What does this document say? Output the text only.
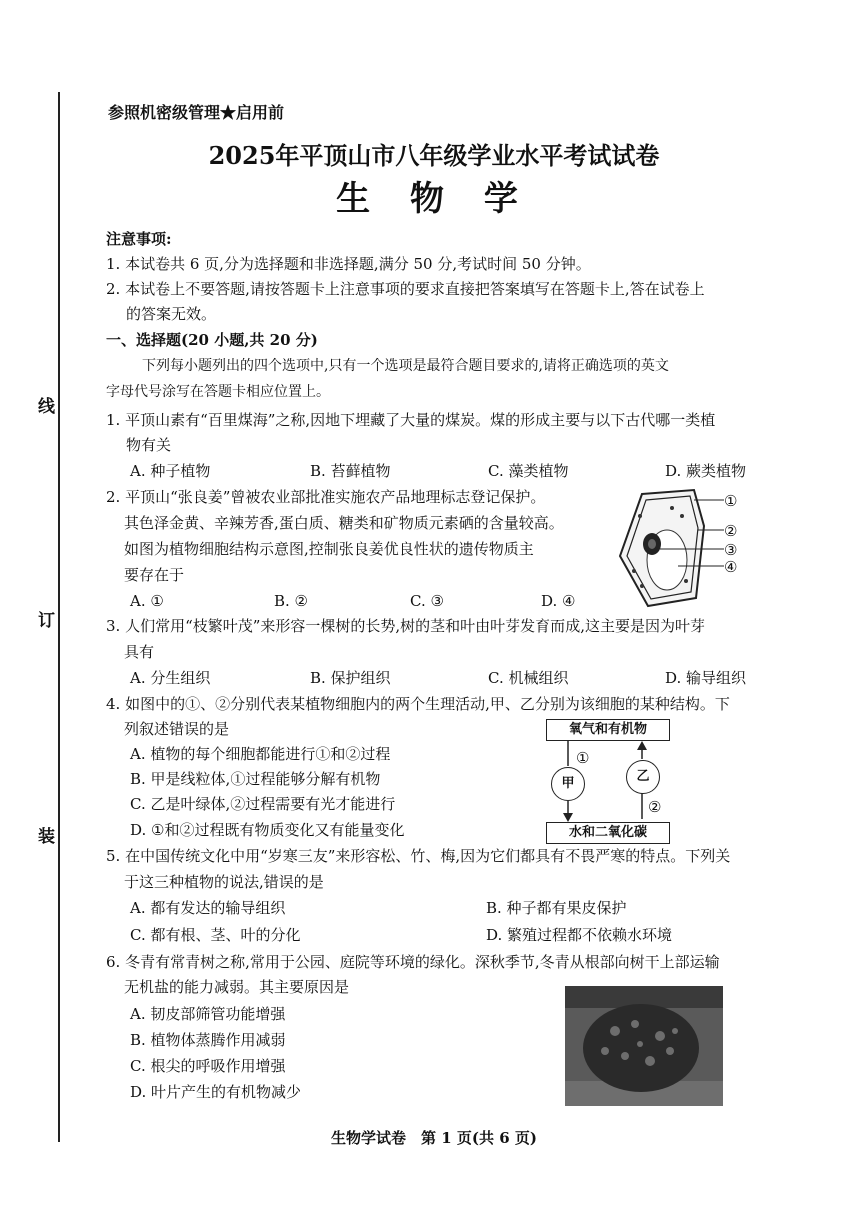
线
订
装
参照机密级管理★启用前
2025年平顶山市八年级学业水平考试试卷
生 物 学
注意事项:
1. 本试卷共 6 页,分为选择题和非选择题,满分 50 分,考试时间 50 分钟。
2. 本试卷上不要答题,请按答题卡上注意事项的要求直接把答案填写在答题卡上,答在试卷上
的答案无效。
一、选择题(20 小题,共 20 分)
下列每小题列出的四个选项中,只有一个选项是最符合题目要求的,请将正确选项的英文
字母代号涂写在答题卡相应位置上。
1. 平顶山素有“百里煤海”之称,因地下埋藏了大量的煤炭。煤的形成主要与以下古代哪一类植
物有关
A. 种子植物	B. 苔藓植物	C. 藻类植物	D. 蕨类植物
2. 平顶山“张良姜”曾被农业部批准实施农产品地理标志登记保护。
其色泽金黄、辛辣芳香,蛋白质、糖类和矿物质元素硒的含量较高。
如图为植物细胞结构示意图,控制张良姜优良性状的遗传物质主
要存在于
A. ①	B. ②	C. ③	D. ④
①
②
③
④
3. 人们常用“枝繁叶茂”来形容一棵树的长势,树的茎和叶由叶芽发育而成,这主要是因为叶芽
具有
A. 分生组织	B. 保护组织	C. 机械组织	D. 输导组织
4. 如图中的①、②分别代表某植物细胞内的两个生理活动,甲、乙分别为该细胞的某种结构。下
列叙述错误的是
A. 植物的每个细胞都能进行①和②过程
B. 甲是线粒体,①过程能够分解有机物
C. 乙是叶绿体,②过程需要有光才能进行
D. ①和②过程既有物质变化又有能量变化
氧气和有机物
水和二氧化碳
甲	乙
①
②
5. 在中国传统文化中用“岁寒三友”来形容松、竹、梅,因为它们都具有不畏严寒的特点。下列关
于这三种植物的说法,错误的是
A. 都有发达的输导组织	B. 种子都有果皮保护
C. 都有根、茎、叶的分化	D. 繁殖过程都不依赖水环境
6. 冬青有常青树之称,常用于公园、庭院等环境的绿化。深秋季节,冬青从根部向树干上部运输
无机盐的能力减弱。其主要原因是
A. 韧皮部筛管功能增强
B. 植物体蒸腾作用减弱
C. 根尖的呼吸作用增强
D. 叶片产生的有机物减少
生物学试卷　第 1 页(共 6 页)
